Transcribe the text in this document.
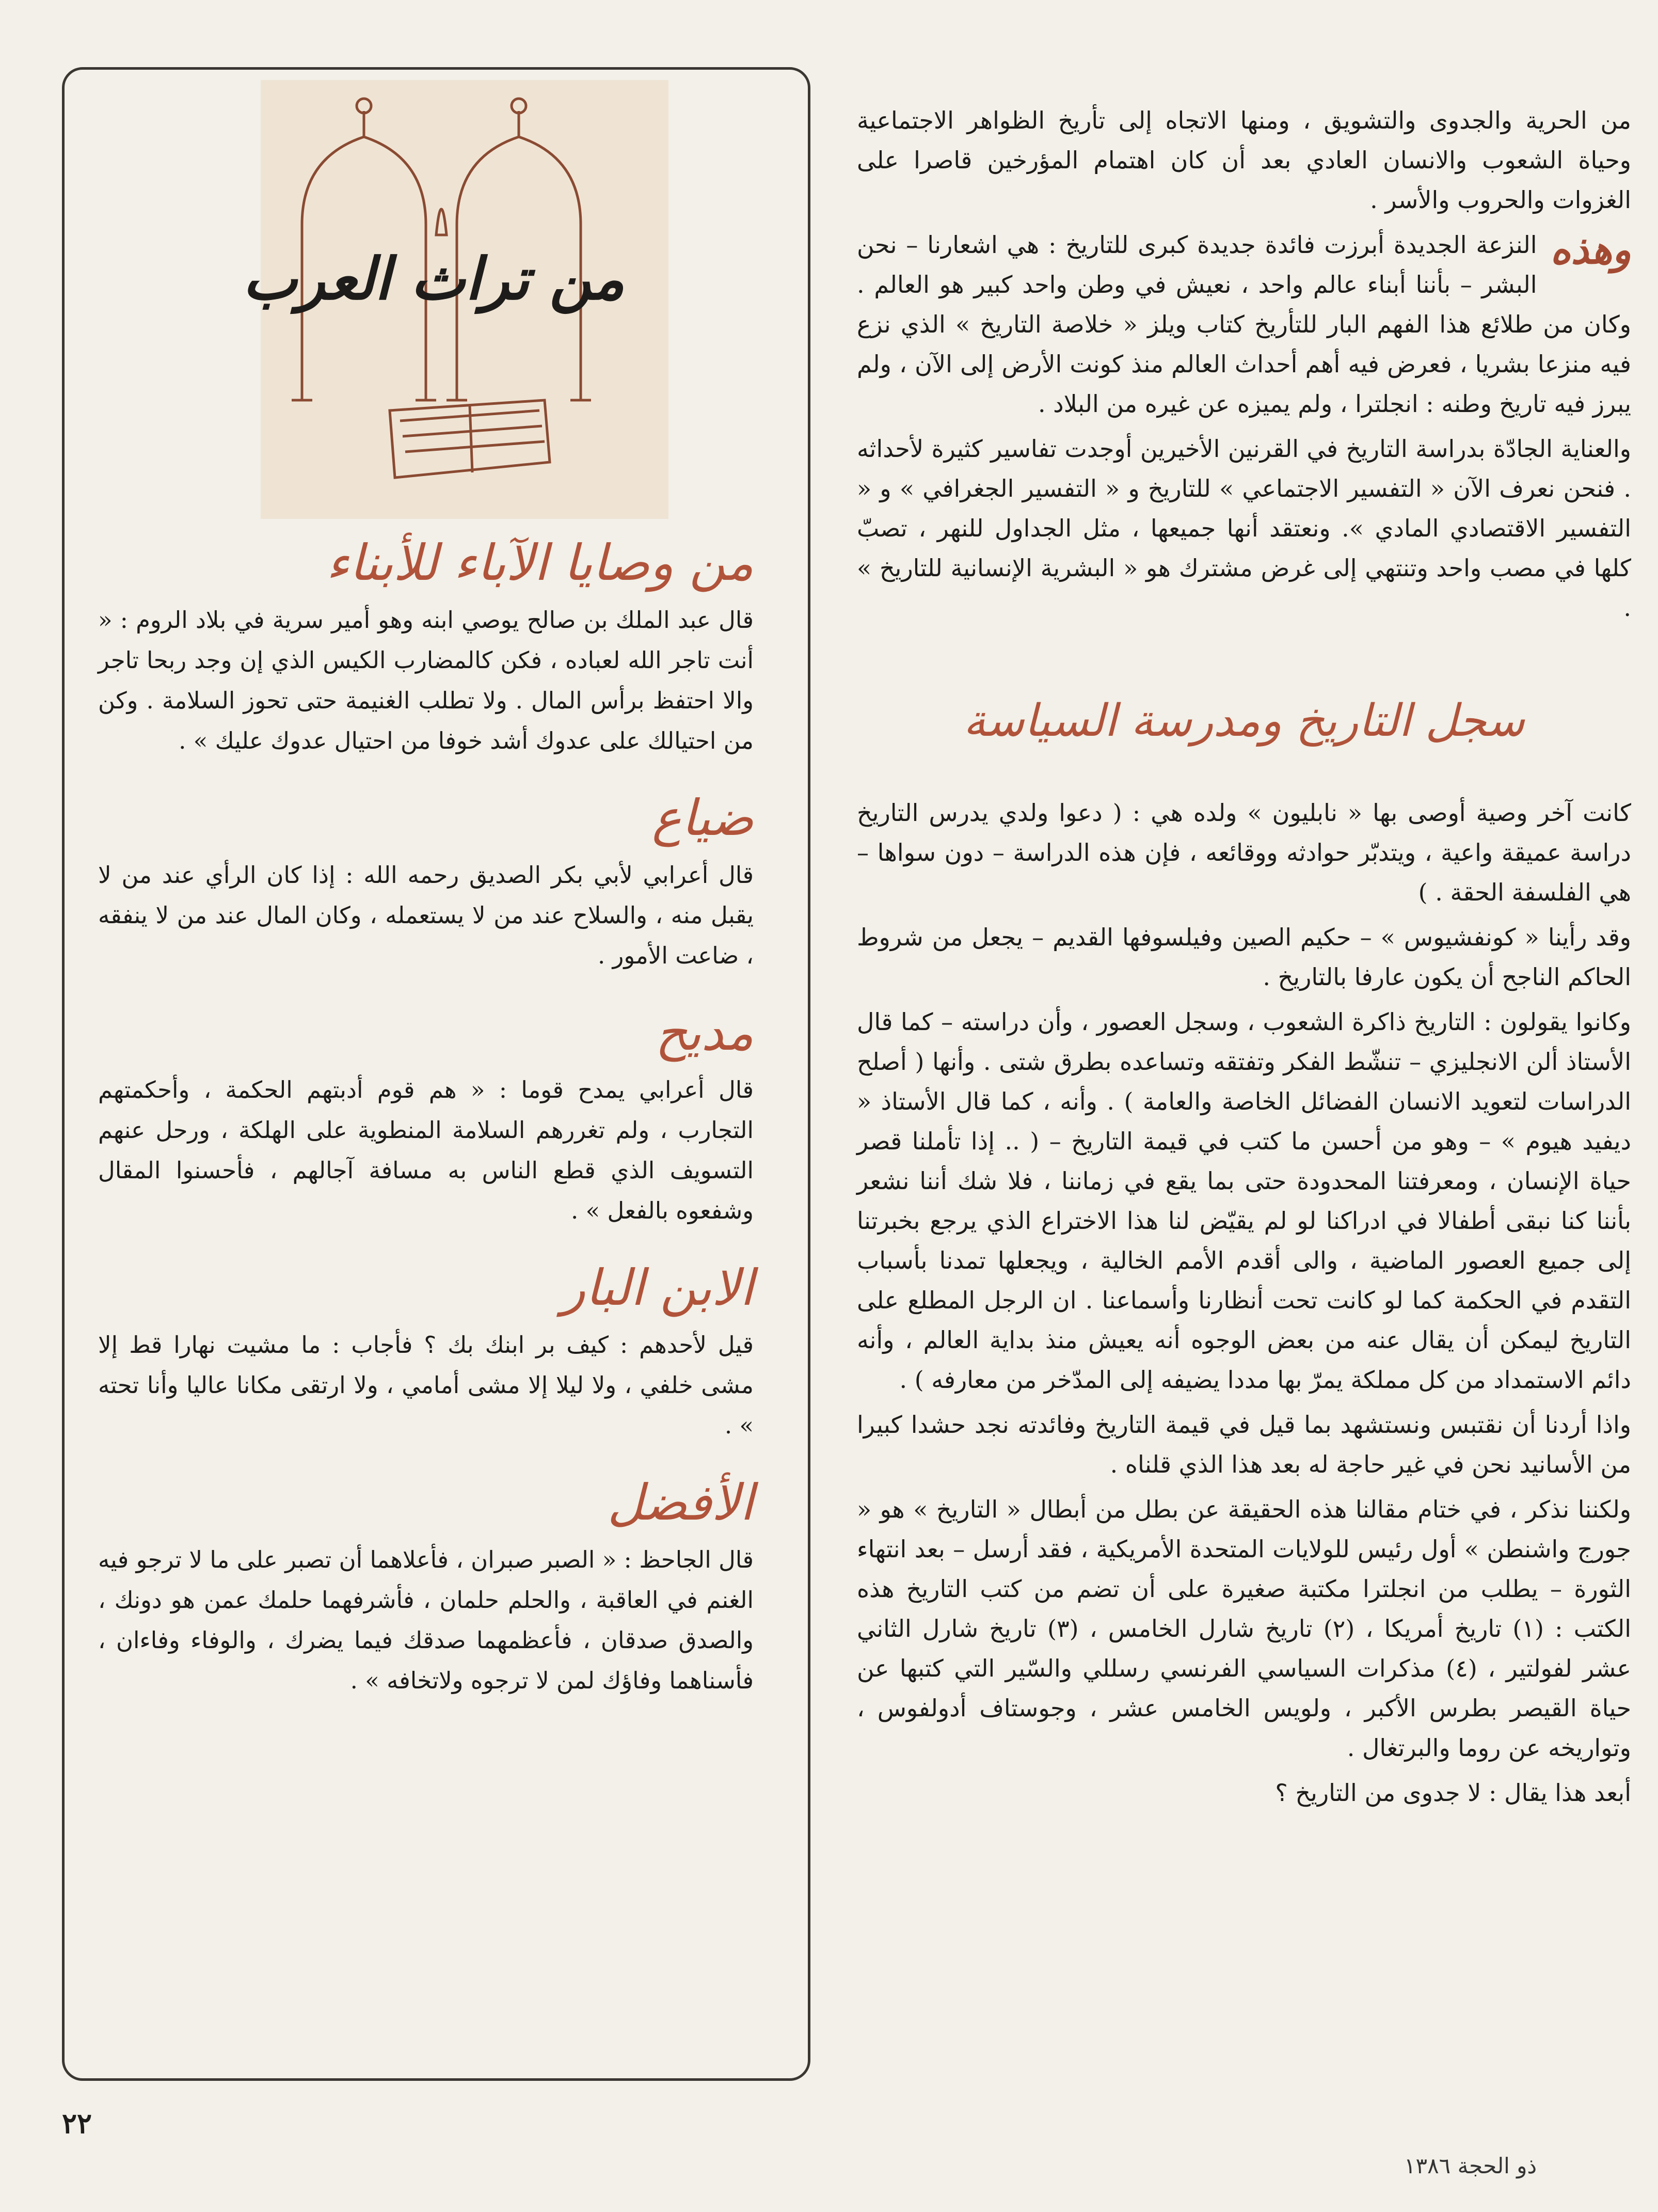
من تراث العرب
من وصايا الآباء للأبناء

قال عبد الملك بن صالح يوصي ابنه وهو أمير سرية في بلاد الروم : « أنت تاجر الله لعباده ، فكن كالمضارب الكيس الذي إن وجد ربحا تاجر والا احتفظ برأس المال . ولا تطلب الغنيمة حتى تحوز السلامة . وكن من احتيالك على عدوك أشد خوفا من احتيال عدوك عليك » .

ضياع

قال أعرابي لأبي بكر الصديق رحمه الله : إذا كان الرأي عند من لا يقبل منه ، والسلاح عند من لا يستعمله ، وكان المال عند من لا ينفقه ، ضاعت الأمور .

مديح

قال أعرابي يمدح قوما : « هم قوم أدبتهم الحكمة ، وأحكمتهم التجارب ، ولم تغررهم السلامة المنطوية على الهلكة ، ورحل عنهم التسويف الذي قطع الناس به مسافة آجالهم ، فأحسنوا المقال وشفعوه بالفعل » .

الابن البار

قيل لأحدهم : كيف بر ابنك بك ؟ فأجاب : ما مشيت نهارا قط إلا مشى خلفي ، ولا ليلا إلا مشى أمامي ، ولا ارتقى مكانا عاليا وأنا تحته » .

الأفضل

قال الجاحظ : « الصبر صبران ، فأعلاهما أن تصبر على ما لا ترجو فيه الغنم في العاقبة ، والحلم حلمان ، فأشرفهما حلمك عمن هو دونك ، والصدق صدقان ، فأعظمهما صدقك فيما يضرك ، والوفاء وفاءان ، فأسناهما وفاؤك لمن لا ترجوه ولاتخافه » .

من الحرية والجدوى والتشويق ، ومنها الاتجاه إلى تأريخ الظواهر الاجتماعية وحياة الشعوب والانسان العادي بعد أن كان اهتمام المؤرخين قاصرا على الغزوات والحروب والأسر .

وهذه
النزعة الجديدة أبرزت فائدة جديدة كبرى للتاريخ : هي اشعارنا – نحن البشر – بأننا أبناء عالم واحد ، نعيش في وطن واحد كبير هو العالم . وكان من طلائع هذا الفهم البار للتأريخ كتاب ويلز « خلاصة التاريخ » الذي نزع فيه منزعا بشريا ، فعرض فيه أهم أحداث العالم منذ كونت الأرض إلى الآن ، ولم يبرز فيه تاريخ وطنه : انجلترا ، ولم يميزه عن غيره من البلاد .

والعناية الجادّة بدراسة التاريخ في القرنين الأخيرين أوجدت تفاسير كثيرة لأحداثه . فنحن نعرف الآن « التفسير الاجتماعي » للتاريخ و « التفسير الجغرافي » و « التفسير الاقتصادي المادي ». ونعتقد أنها جميعها ، مثل الجداول للنهر ، تصبّ كلها في مصب واحد وتنتهي إلى غرض مشترك هو « البشرية الإنسانية للتاريخ » .

سجل التاريخ ومدرسة السياسة

كانت آخر وصية أوصى بها « نابليون » ولده هي : ( دعوا ولدي يدرس التاريخ دراسة عميقة واعية ، ويتدبّر حوادثه ووقائعه ، فإن هذه الدراسة – دون سواها – هي الفلسفة الحقة . )

وقد رأينا « كونفشيوس » – حكيم الصين وفيلسوفها القديم – يجعل من شروط الحاكم الناجح أن يكون عارفا بالتاريخ .

وكانوا يقولون : التاريخ ذاكرة الشعوب ، وسجل العصور ، وأن دراسته – كما قال الأستاذ ألن الانجليزي – تنشّط الفكر وتفتقه وتساعده بطرق شتى . وأنها ( أصلح الدراسات لتعويد الانسان الفضائل الخاصة والعامة ) . وأنه ، كما قال الأستاذ « ديفيد هيوم » – وهو من أحسن ما كتب في قيمة التاريخ – ( .. إذا تأملنا قصر حياة الإنسان ، ومعرفتنا المحدودة حتى بما يقع في زماننا ، فلا شك أننا نشعر بأننا كنا نبقى أطفالا في ادراكنا لو لم يقيّض لنا هذا الاختراع الذي يرجع بخبرتنا إلى جميع العصور الماضية ، والى أقدم الأمم الخالية ، ويجعلها تمدنا بأسباب التقدم في الحكمة كما لو كانت تحت أنظارنا وأسماعنا . ان الرجل المطلع على التاريخ ليمكن أن يقال عنه من بعض الوجوه أنه يعيش منذ بداية العالم ، وأنه دائم الاستمداد من كل مملكة يمرّ بها مددا يضيفه إلى المدّخر من معارفه ) .

واذا أردنا أن نقتبس ونستشهد بما قيل في قيمة التاريخ وفائدته نجد حشدا كبيرا من الأسانيد نحن في غير حاجة له بعد هذا الذي قلناه .

ولكننا نذكر ، في ختام مقالنا هذه الحقيقة عن بطل من أبطال « التاريخ » هو « جورج واشنطن » أول رئيس للولايات المتحدة الأمريكية ، فقد أرسل – بعد انتهاء الثورة – يطلب من انجلترا مكتبة صغيرة على أن تضم من كتب التاريخ هذه الكتب : (١) تاريخ أمريكا ، (٢) تاريخ شارل الخامس ، (٣) تاريخ شارل الثاني عشر لفولتير ، (٤) مذكرات السياسي الفرنسي رسللي والسّير التي كتبها عن حياة القيصر بطرس الأكبر ، ولويس الخامس عشر ، وجوستاف أدولفوس ، وتواريخه عن روما والبرتغال .

أبعد هذا يقال : لا جدوى من التاريخ ؟

٢٢
ذو الحجة ١٣٨٦
